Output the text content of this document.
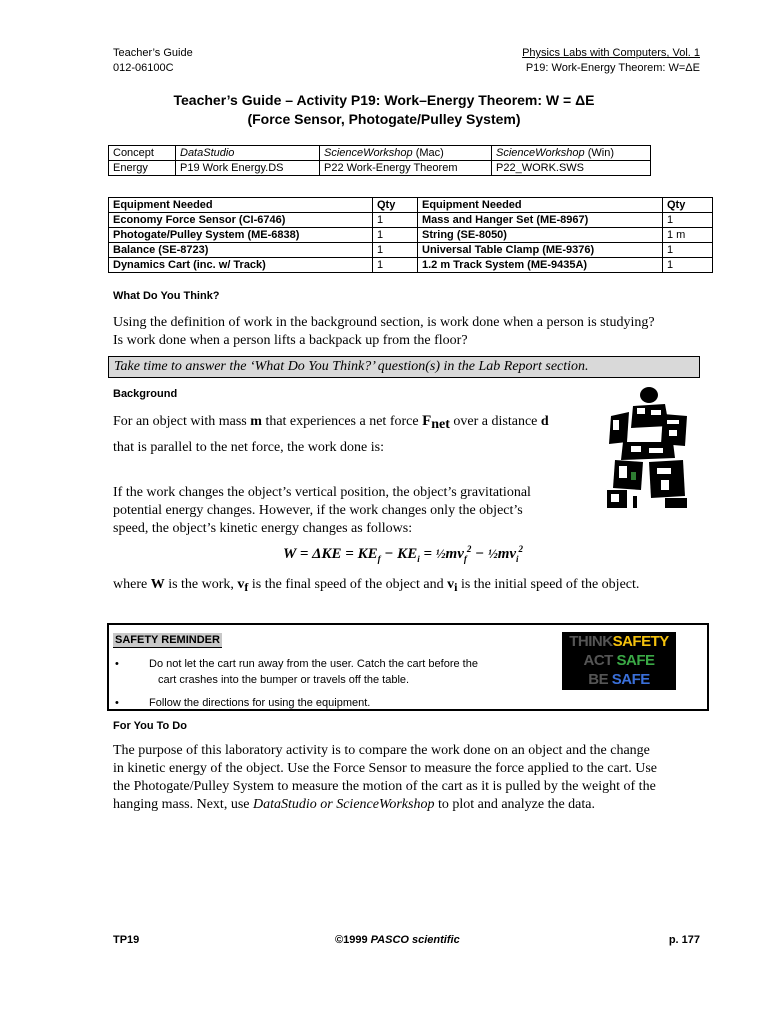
Teacher’s Guide
012-06100C
Physics Labs with Computers, Vol. 1
P19: Work-Energy Theorem: W=ΔE
Teacher’s Guide – Activity P19: Work–Energy Theorem: W = ΔE
(Force Sensor, Photogate/Pulley System)
Concept	DataStudio	ScienceWorkshop (Mac)	ScienceWorkshop (Win)
Energy	P19 Work Energy.DS	P22 Work-Energy Theorem	P22_WORK.SWS
Equipment Needed	Qty	Equipment Needed	Qty
Economy Force Sensor (CI-6746)	1	Mass and Hanger Set (ME-8967)	1
Photogate/Pulley System (ME-6838)	1	String (SE-8050)	1 m
Balance (SE-8723)	1	Universal Table Clamp (ME-9376)	1
Dynamics Cart (inc. w/ Track)	1	1.2 m Track System (ME-9435A)	1
What Do You Think?
Using the definition of work in the background section, is work done when a person is studying?
Is work done when a person lifts a backpack up from the floor?
Take time to answer the ‘What Do You Think?’ question(s) in the Lab Report section.
Background
For an object with mass m that experiences a net force Fnet over a distance d
that is parallel to the net force, the work done is:
If the work changes the object’s vertical position, the object’s gravitational
potential energy changes. However, if the work changes only the object’s
speed, the object’s kinetic energy changes as follows:
$W = \Delta KE = KE_f - KE_i$ = $\frac{1}{2}mv_f^2$ − $\frac{1}{2}mv_i^2$
where W is the work, vf is the final speed of the object and vi is the initial speed of the object.
SAFETY REMINDER
•	Do not let the cart run away from the user. Catch the cart before the
cart crashes into the bumper or travels off the table.
•	Follow the directions for using the equipment.
THINKSAFETY
ACT SAFE
BE SAFE
For You To Do
The purpose of this laboratory activity is to compare the work done on an object and the change
in kinetic energy of the object. Use the Force Sensor to measure the force applied to the cart. Use
the Photogate/Pulley System to measure the motion of the cart as it is pulled by the weight of the
hanging mass. Next, use DataStudio or ScienceWorkshop to plot and analyze the data.
TP19	©1999 PASCO scientific	p. 177
